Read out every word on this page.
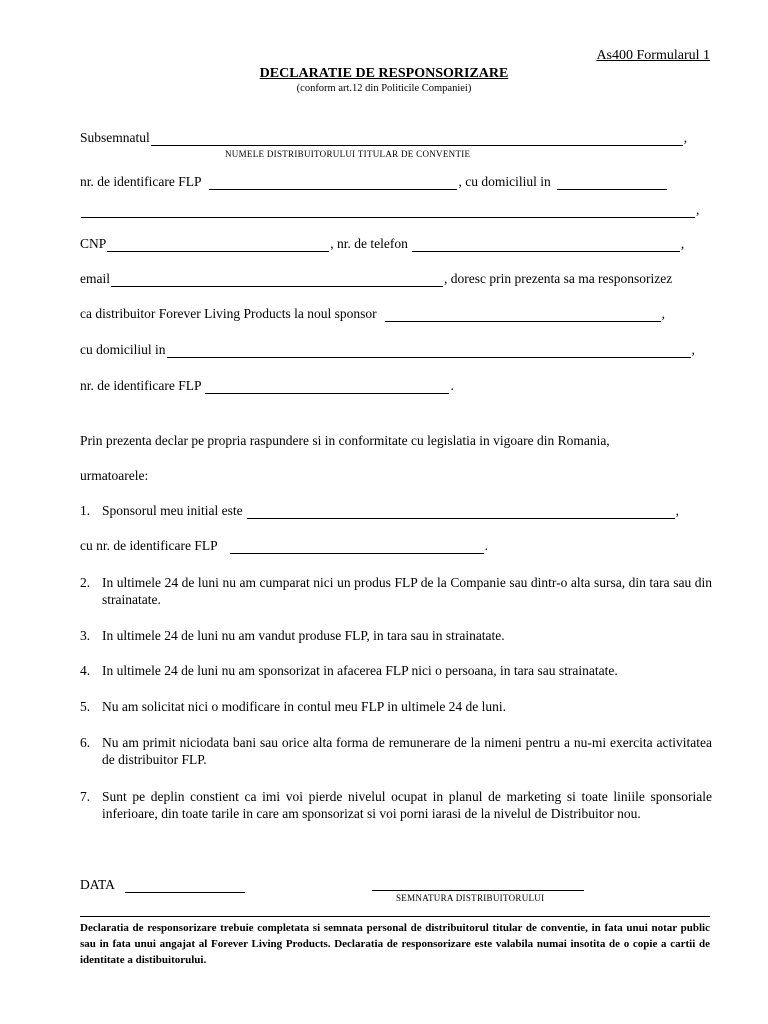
As400 Formularul 1
DECLARATIE DE RESPONSORIZARE
(conform art.12 din Politicile Companiei)
Subsemnatul	,
NUMELE DISTRIBUITORULUI TITULAR DE CONVENTIE
nr. de identificare FLP	, cu domiciliul in
,
CNP	, nr. de telefon	,
email	, doresc prin prezenta sa ma responsorizez
ca distribuitor Forever Living Products la noul sponsor	,
cu domiciliul in	,
nr. de identificare FLP	.
Prin prezenta declar pe propria raspundere si in conformitate cu legislatia in vigoare din Romania,
urmatoarele:
1. Sponsorul meu initial este	,
cu nr. de identificare FLP	.
2. In ultimele 24 de luni nu am cumparat nici un produs FLP de la Companie sau dintr-o alta sursa, din tara sau din strainatate.
3. In ultimele 24 de luni nu am vandut produse FLP, in tara sau in strainatate.
4. In ultimele 24 de luni nu am sponsorizat in afacerea FLP nici o persoana, in tara sau strainatate.
5. Nu am solicitat nici o modificare in contul meu FLP in ultimele 24 de luni.
6. Nu am primit niciodata bani sau orice alta forma de remunerare de la nimeni pentru a nu-mi exercita activitatea de distribuitor FLP.
7. Sunt pe deplin constient ca imi voi pierde nivelul ocupat in planul de marketing si toate liniile sponsoriale inferioare, din toate tarile in care am sponsorizat si voi porni iarasi de la nivelul de Distribuitor nou.
DATA
SEMNATURA DISTRIBUITORULUI
Declaratia de responsorizare trebuie completata si semnata personal de distribuitorul titular de conventie, in fata unui notar public sau in fata unui angajat al Forever Living Products. Declaratia de responsorizare este valabila numai insotita de o copie a cartii de identitate a distibuitorului.
